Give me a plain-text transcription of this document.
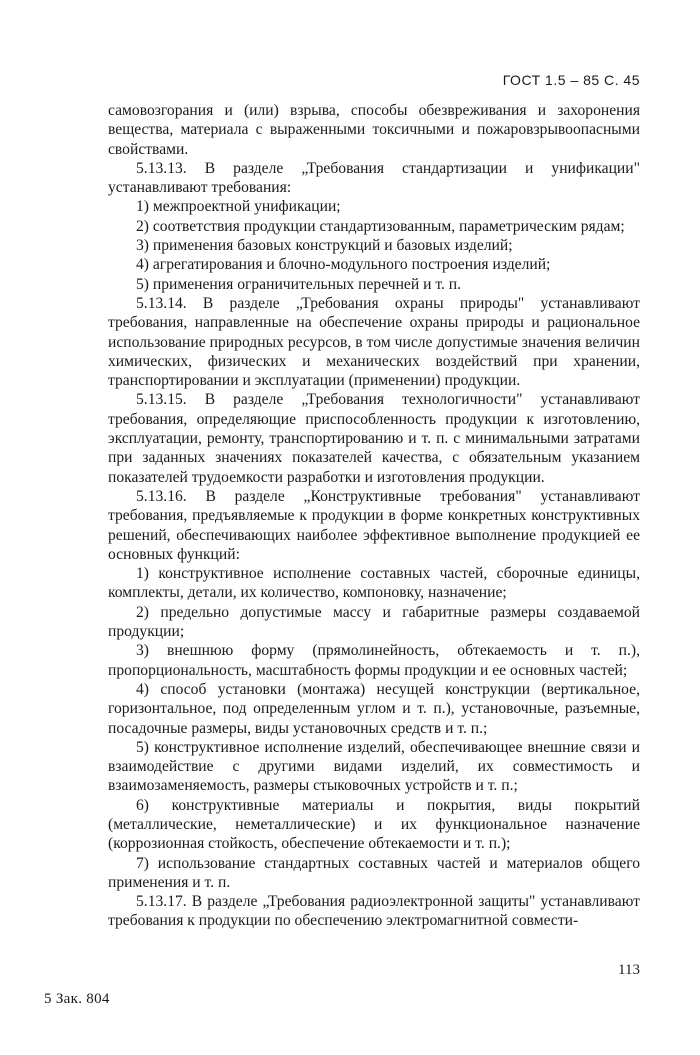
ГОСТ 1.5 – 85 С. 45

самовозгорания и (или) взрыва, способы обезвреживания и захоронения вещества, материала с выраженными токсичными и пожаровзрывоопасными свойствами.

5.13.13. В разделе „Требования стандартизации и унификации" устанавливают требования:

1) межпроектной унификации;

2) соответствия продукции стандартизованным, параметрическим рядам;

3) применения базовых конструкций и базовых изделий;

4) агрегатирования и блочно-модульного построения изделий;

5) применения ограничительных перечней и т. п.

5.13.14. В разделе „Требования охраны природы" устанавливают требования, направленные на обеспечение охраны природы и рациональное использование природных ресурсов, в том числе допустимые значения величин химических, физических и механических воздействий при хранении, транспортировании и эксплуатации (применении) продукции.

5.13.15. В разделе „Требования технологичности" устанавливают требования, определяющие приспособленность продукции к изготовлению, эксплуатации, ремонту, транспортированию и т. п. с минимальными затратами при заданных значениях показателей качества, с обязательным указанием показателей трудоемкости разработки и изготовления продукции.

5.13.16. В разделе „Конструктивные требования" устанавливают требования, предъявляемые к продукции в форме конкретных конструктивных решений, обеспечивающих наиболее эффективное выполнение продукцией ее основных функций:

1) конструктивное исполнение составных частей, сборочные единицы, комплекты, детали, их количество, компоновку, назначение;

2) предельно допустимые массу и габаритные размеры создаваемой продукции;

3) внешнюю форму (прямолинейность, обтекаемость и т. п.), пропорциональность, масштабность формы продукции и ее основных частей;

4) способ установки (монтажа) несущей конструкции (вертикальное, горизонтальное, под определенным углом и т. п.), установочные, разъемные, посадочные размеры, виды установочных средств и т. п.;

5) конструктивное исполнение изделий, обеспечивающее внешние связи и взаимодействие с другими видами изделий, их совместимость и взаимозаменяемость, размеры стыковочных устройств и т. п.;

6) конструктивные материалы и покрытия, виды покрытий (металлические, неметаллические) и их функциональное назначение (коррозионная стойкость, обеспечение обтекаемости и т. п.);

7) использование стандартных составных частей и материалов общего применения и т. п.

5.13.17. В разделе „Требования радиоэлектронной защиты" устанавливают требования к продукции по обеспечению электромагнитной совмести-

113
5 Зак. 804
